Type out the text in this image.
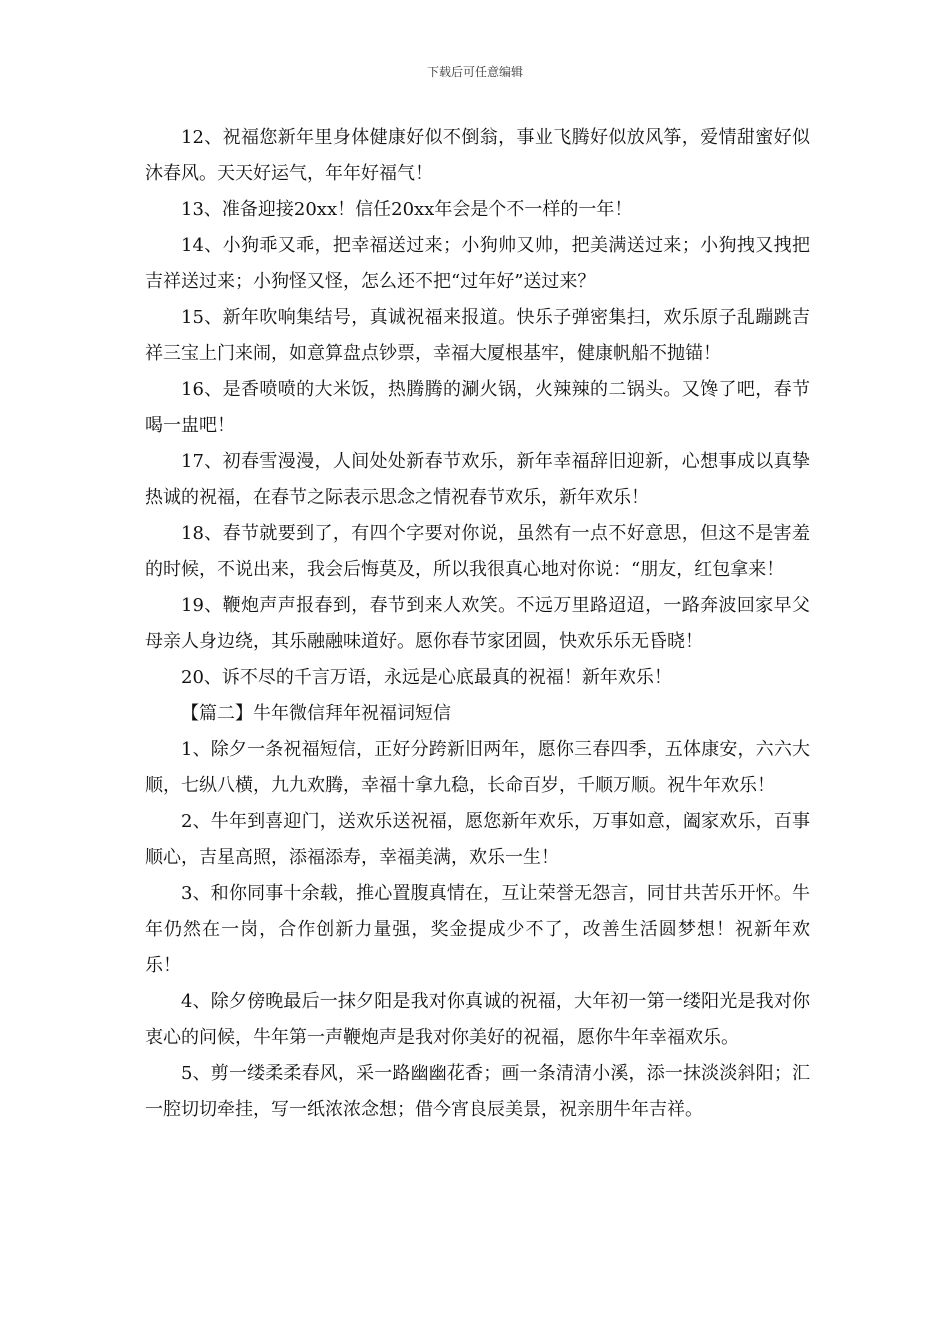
下载后可任意编辑

12、祝福您新年里身体健康好似不倒翁，事业飞腾好似放风筝，爱情甜蜜好似沐春风。天天好运气，年年好福气！

13、准备迎接20xx！信任20xx年会是个不一样的一年！

14、小狗乖又乖，把幸福送过来；小狗帅又帅，把美满送过来；小狗拽又拽把吉祥送过来；小狗怪又怪，怎么还不把“过年好”送过来？

15、新年吹响集结号，真诚祝福来报道。快乐子弹密集扫，欢乐原子乱蹦跳吉祥三宝上门来闹，如意算盘点钞票，幸福大厦根基牢，健康帆船不抛锚！

16、是香喷喷的大米饭，热腾腾的涮火锅，火辣辣的二锅头。又馋了吧，春节喝一盅吧！

17、初春雪漫漫，人间处处新春节欢乐，新年幸福辞旧迎新，心想事成以真挚热诚的祝福，在春节之际表示思念之情祝春节欢乐，新年欢乐！

18、春节就要到了，有四个字要对你说，虽然有一点不好意思，但这不是害羞的时候，不说出来，我会后悔莫及，所以我很真心地对你说：“朋友，红包拿来！

19、鞭炮声声报春到，春节到来人欢笑。不远万里路迢迢，一路奔波回家早父母亲人身边绕，其乐融融味道好。愿你春节家团圆，快欢乐乐无昏晓！

20、诉不尽的千言万语，永远是心底最真的祝福！新年欢乐！

【篇二】牛年微信拜年祝福词短信

1、除夕一条祝福短信，正好分跨新旧两年，愿你三春四季，五体康安，六六大顺，七纵八横，九九欢腾，幸福十拿九稳，长命百岁，千顺万顺。祝牛年欢乐！

2、牛年到喜迎门，送欢乐送祝福，愿您新年欢乐，万事如意，阖家欢乐，百事顺心，吉星高照，添福添寿，幸福美满，欢乐一生！

3、和你同事十余载，推心置腹真情在，互让荣誉无怨言，同甘共苦乐开怀。牛年仍然在一岗，合作创新力量强，奖金提成少不了，改善生活圆梦想！祝新年欢乐！

4、除夕傍晚最后一抹夕阳是我对你真诚的祝福，大年初一第一缕阳光是我对你衷心的问候，牛年第一声鞭炮声是我对你美好的祝福，愿你牛年幸福欢乐。

5、剪一缕柔柔春风，采一路幽幽花香；画一条清清小溪，添一抹淡淡斜阳；汇一腔切切牵挂，写一纸浓浓念想；借今宵良辰美景，祝亲朋牛年吉祥。
